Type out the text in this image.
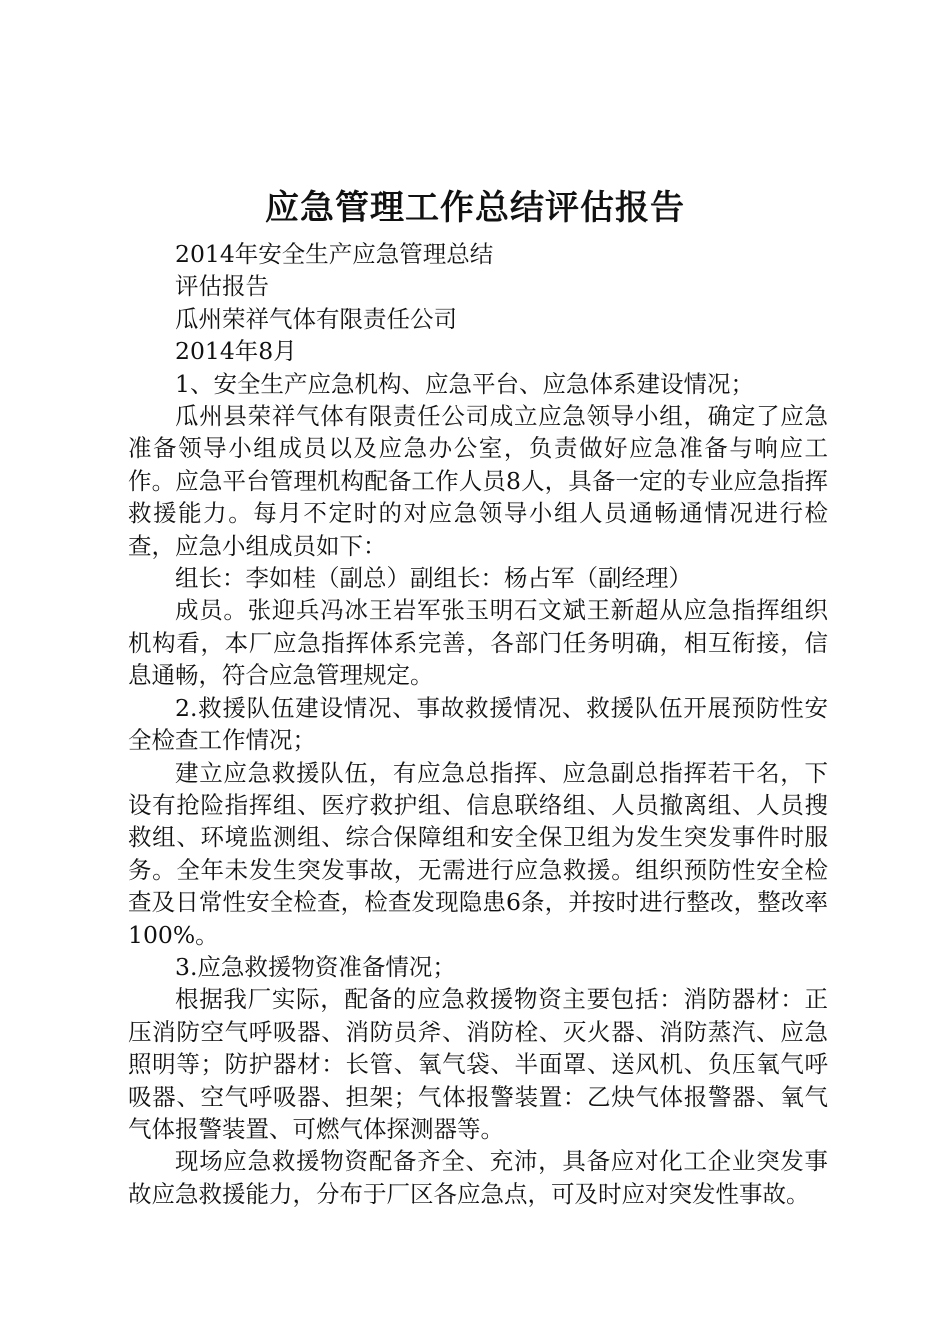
应急管理工作总结评估报告

2014年安全生产应急管理总结

评估报告

瓜州荣祥气体有限责任公司

2014年8月

1、安全生产应急机构、应急平台、应急体系建设情况；

瓜州县荣祥气体有限责任公司成立应急领导小组，确定了应急准备领导小组成员以及应急办公室，负责做好应急准备与响应工作。应急平台管理机构配备工作人员8人，具备一定的专业应急指挥救援能力。每月不定时的对应急领导小组人员通畅通情况进行检查，应急小组成员如下：

组长：李如桂（副总）副组长：杨占军（副经理）

成员。张迎兵冯冰王岩军张玉明石文斌王新超从应急指挥组织机构看，本厂应急指挥体系完善，各部门任务明确，相互衔接，信息通畅，符合应急管理规定。

2.救援队伍建设情况、事故救援情况、救援队伍开展预防性安全检查工作情况；

建立应急救援队伍，有应急总指挥、应急副总指挥若干名，下设有抢险指挥组、医疗救护组、信息联络组、人员撤离组、人员搜救组、环境监测组、综合保障组和安全保卫组为发生突发事件时服务。全年未发生突发事故，无需进行应急救援。组织预防性安全检查及日常性安全检查，检查发现隐患6条，并按时进行整改，整改率100%。

3.应急救援物资准备情况；

根据我厂实际，配备的应急救援物资主要包括：消防器材：正压消防空气呼吸器、消防员斧、消防栓、灭火器、消防蒸汽、应急照明等；防护器材：长管、氧气袋、半面罩、送风机、负压氧气呼吸器、空气呼吸器、担架；气体报警装置：乙炔气体报警器、氧气气体报警装置、可燃气体探测器等。

现场应急救援物资配备齐全、充沛，具备应对化工企业突发事故应急救援能力，分布于厂区各应急点，可及时应对突发性事故。
